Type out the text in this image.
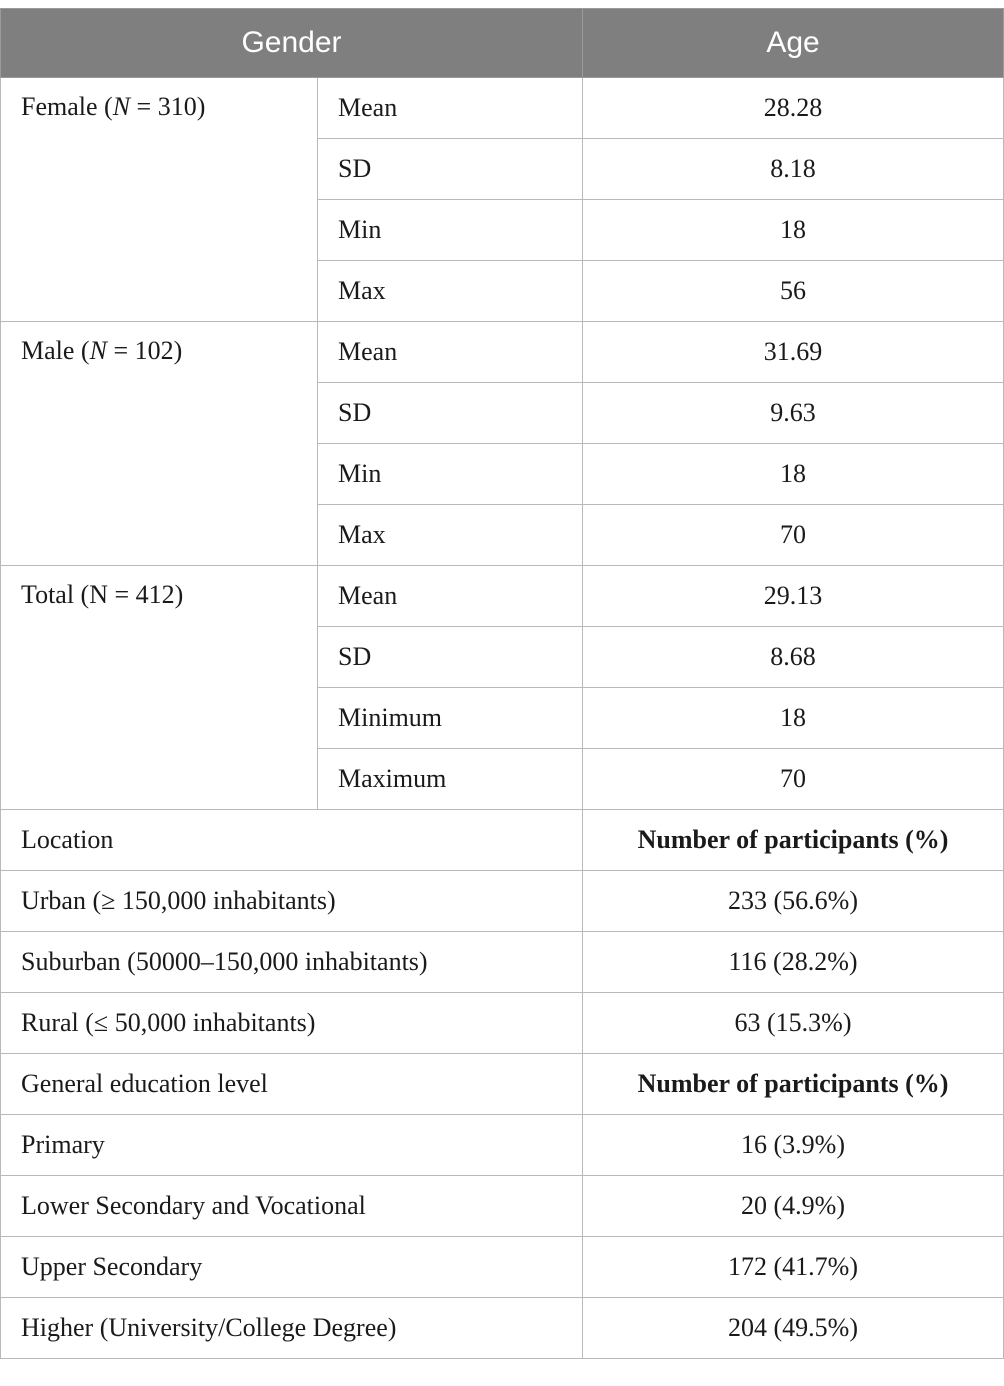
Gender		Age
Female (N = 310)	Mean	28.28
	SD	8.18
	Min	18
	Max	56
Male (N = 102)	Mean	31.69
	SD	9.63
	Min	18
	Max	70
Total (N = 412)	Mean	29.13
	SD	8.68
	Minimum	18
	Maximum	70
Location		Number of participants (%)
Urban (≥ 150,000 inhabitants)		233 (56.6%)
Suburban (50000–150,000 inhabitants)		116 (28.2%)
Rural (≤ 50,000 inhabitants)		63 (15.3%)
General education level		Number of participants (%)
Primary		16 (3.9%)
Lower Secondary and Vocational		20 (4.9%)
Upper Secondary		172 (41.7%)
Higher (University/College Degree)		204 (49.5%)
